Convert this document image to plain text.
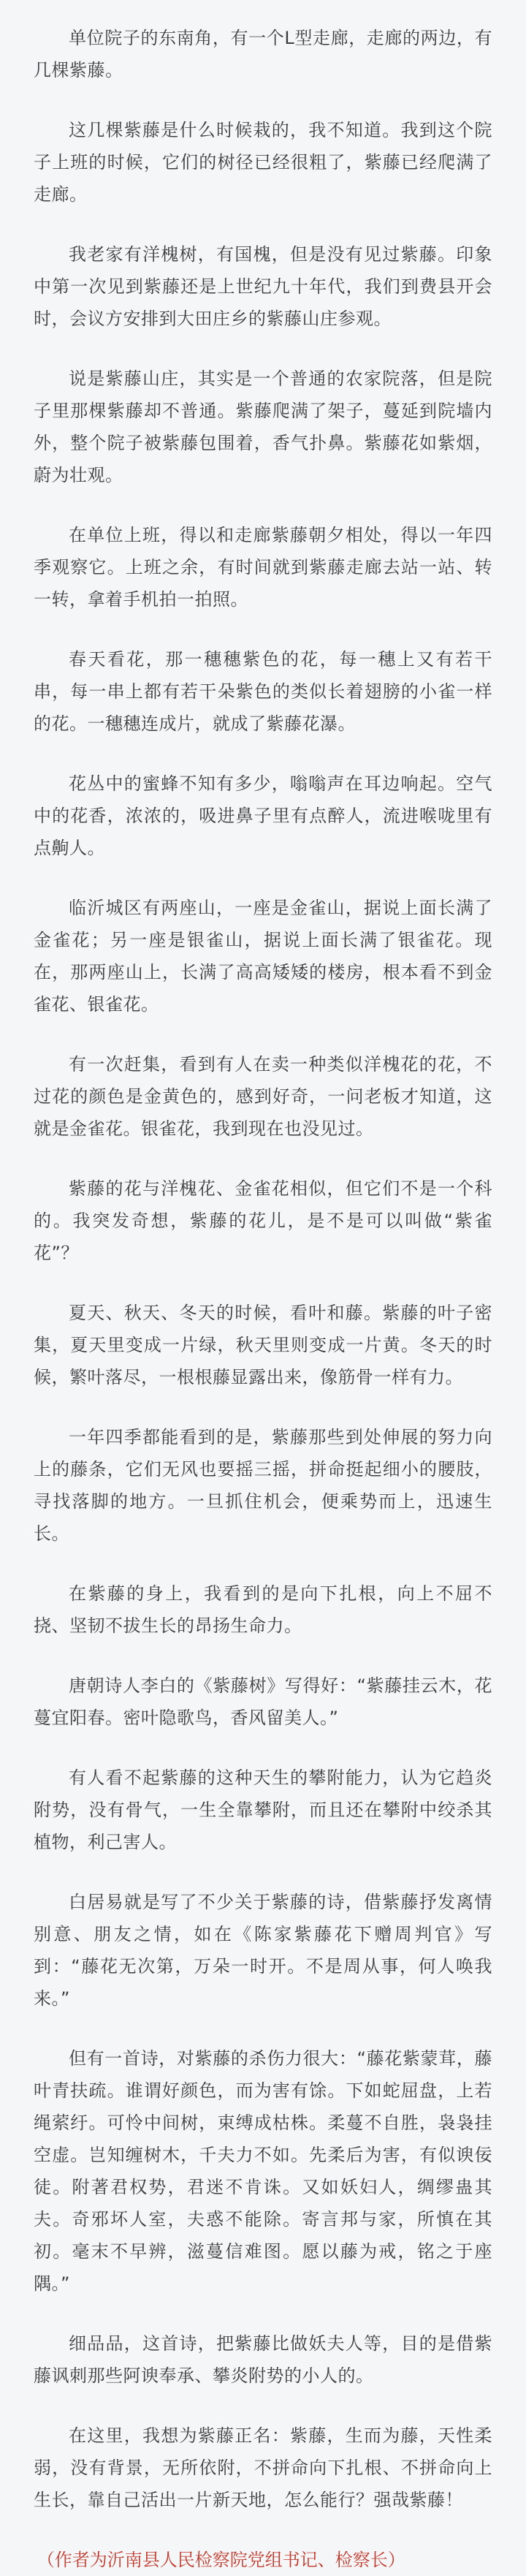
单位院子的东南角，有一个L型走廊，走廊的两边，有几棵紫藤。

这几棵紫藤是什么时候栽的，我不知道。我到这个院子上班的时候，它们的树径已经很粗了，紫藤已经爬满了走廊。

我老家有洋槐树，有国槐，但是没有见过紫藤。印象中第一次见到紫藤还是上世纪九十年代，我们到费县开会时，会议方安排到大田庄乡的紫藤山庄参观。

说是紫藤山庄，其实是一个普通的农家院落，但是院子里那棵紫藤却不普通。紫藤爬满了架子，蔓延到院墙内外，整个院子被紫藤包围着，香气扑鼻。紫藤花如紫烟，蔚为壮观。

在单位上班，得以和走廊紫藤朝夕相处，得以一年四季观察它。上班之余，有时间就到紫藤走廊去站一站、转一转，拿着手机拍一拍照。

春天看花，那一穗穗紫色的花，每一穗上又有若干串，每一串上都有若干朵紫色的类似长着翅膀的小雀一样的花。一穗穗连成片，就成了紫藤花瀑。

花丛中的蜜蜂不知有多少，嗡嗡声在耳边响起。空气中的花香，浓浓的，吸进鼻子里有点醉人，流进喉咙里有点齁人。

临沂城区有两座山，一座是金雀山，据说上面长满了金雀花；另一座是银雀山，据说上面长满了银雀花。现在，那两座山上，长满了高高矮矮的楼房，根本看不到金雀花、银雀花。

有一次赶集，看到有人在卖一种类似洋槐花的花，不过花的颜色是金黄色的，感到好奇，一问老板才知道，这就是金雀花。银雀花，我到现在也没见过。

紫藤的花与洋槐花、金雀花相似，但它们不是一个科的。我突发奇想，紫藤的花儿，是不是可以叫做“紫雀花”？

夏天、秋天、冬天的时候，看叶和藤。紫藤的叶子密集，夏天里变成一片绿，秋天里则变成一片黄。冬天的时候，繁叶落尽，一根根藤显露出来，像筋骨一样有力。

一年四季都能看到的是，紫藤那些到处伸展的努力向上的藤条，它们无风也要摇三摇，拼命挺起细小的腰肢，寻找落脚的地方。一旦抓住机会，便乘势而上，迅速生长。

在紫藤的身上，我看到的是向下扎根，向上不屈不挠、坚韧不拔生长的昂扬生命力。

唐朝诗人李白的《紫藤树》写得好：“紫藤挂云木，花蔓宜阳春。密叶隐歌鸟，香风留美人。”

有人看不起紫藤的这种天生的攀附能力，认为它趋炎附势，没有骨气，一生全靠攀附，而且还在攀附中绞杀其植物，利己害人。

白居易就是写了不少关于紫藤的诗，借紫藤抒发离情别意、朋友之情，如在《陈家紫藤花下赠周判官》写到：“藤花无次第，万朵一时开。不是周从事，何人唤我来。”

但有一首诗，对紫藤的杀伤力很大：“藤花紫蒙茸，藤叶青扶疏。谁谓好颜色，而为害有馀。下如蛇屈盘，上若绳萦纡。可怜中间树，束缚成枯株。柔蔓不自胜，袅袅挂空虚。岂知缠树木，千夫力不如。先柔后为害，有似谀佞徒。附著君权势，君迷不肯诛。又如妖妇人，绸缪蛊其夫。奇邪坏人室，夫惑不能除。寄言邦与家，所慎在其初。毫末不早辨，滋蔓信难图。愿以藤为戒，铭之于座隅。”

细品品，这首诗，把紫藤比做妖夫人等，目的是借紫藤讽刺那些阿谀奉承、攀炎附势的小人的。

在这里，我想为紫藤正名：紫藤，生而为藤，天性柔弱，没有背景，无所依附，不拼命向下扎根、不拼命向上生长，靠自己活出一片新天地，怎么能行？强哉紫藤！

（作者为沂南县人民检察院党组书记、检察长）
